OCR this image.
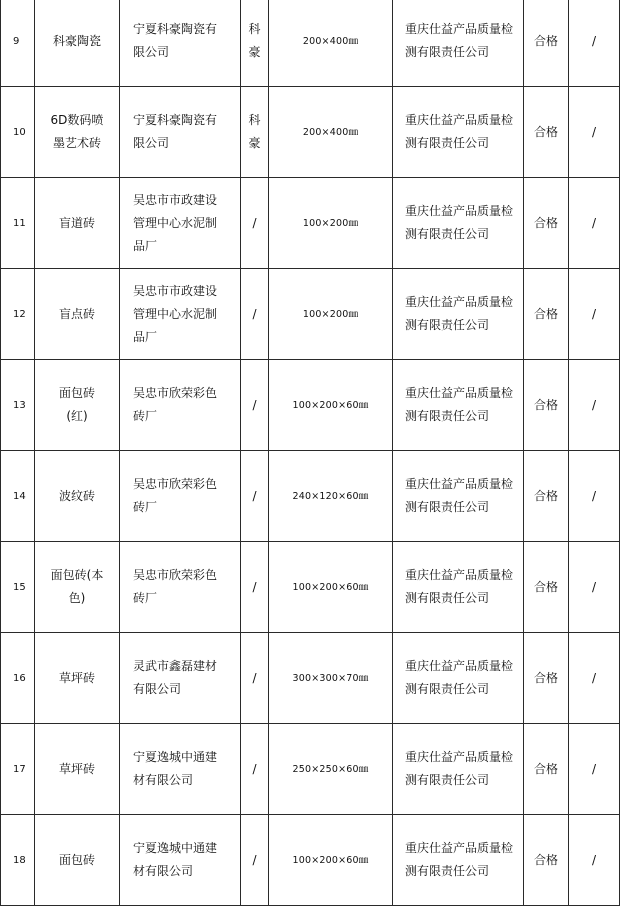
9	科豪陶瓷	宁夏科豪陶瓷有限公司	科豪	200×400㎜	重庆仕益产品质量检测有限责任公司	合格	/
10	6D数码喷墨艺术砖	宁夏科豪陶瓷有限公司	科豪	200×400㎜	重庆仕益产品质量检测有限责任公司	合格	/
11	盲道砖	吴忠市市政建设管理中心水泥制品厂	/	100×200㎜	重庆仕益产品质量检测有限责任公司	合格	/
12	盲点砖	吴忠市市政建设管理中心水泥制品厂	/	100×200㎜	重庆仕益产品质量检测有限责任公司	合格	/
13	面包砖(红)	吴忠市欣荣彩色砖厂	/	100×200×60㎜	重庆仕益产品质量检测有限责任公司	合格	/
14	波纹砖	吴忠市欣荣彩色砖厂	/	240×120×60㎜	重庆仕益产品质量检测有限责任公司	合格	/
15	面包砖(本色)	吴忠市欣荣彩色砖厂	/	100×200×60㎜	重庆仕益产品质量检测有限责任公司	合格	/
16	草坪砖	灵武市鑫磊建材有限公司	/	300×300×70㎜	重庆仕益产品质量检测有限责任公司	合格	/
17	草坪砖	宁夏逸城中通建材有限公司	/	250×250×60㎜	重庆仕益产品质量检测有限责任公司	合格	/
18	面包砖	宁夏逸城中通建材有限公司	/	100×200×60㎜	重庆仕益产品质量检测有限责任公司	合格	/
